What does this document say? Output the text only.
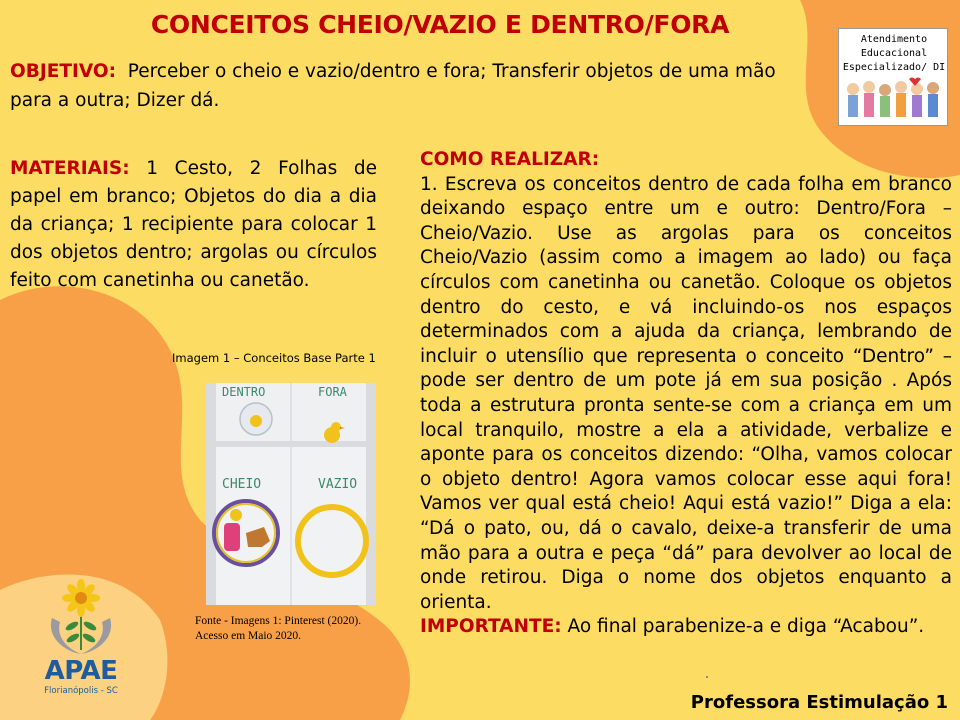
CONCEITOS CHEIO/VAZIO E DENTRO/FORA
OBJETIVO: Perceber o cheio e vazio/dentro e fora; Transferir objetos de uma mão para a outra; Dizer dá.
MATERIAIS: 1 Cesto, 2 Folhas de papel em branco; Objetos do dia a dia da criança; 1 recipiente para colocar 1 dos objetos dentro; argolas ou círculos feito com canetinha ou canetão.
COMO REALIZAR:
1. Escreva os conceitos dentro de cada folha em branco deixando espaço entre um e outro: Dentro/Fora – Cheio/Vazio. Use as argolas para os conceitos Cheio/Vazio (assim como a imagem ao lado) ou faça círculos com canetinha ou canetão. Coloque os objetos dentro do cesto, e vá incluindo-os nos espaços determinados com a ajuda da criança, lembrando de incluir o utensílio que representa o conceito “Dentro” – pode ser dentro de um pote já em sua posição . Após toda a estrutura pronta sente-se com a criança em um local tranquilo, mostre a ela a atividade, verbalize e aponte para os conceitos dizendo: “Olha, vamos colocar o objeto dentro! Agora vamos colocar esse aqui fora! Vamos ver qual está cheio! Aqui está vazio!” Diga a ela: “Dá o pato, ou, dá o cavalo, deixe-a transferir de uma mão para a outra e peça “dá” para devolver ao local de onde retirou. Diga o nome dos objetos enquanto a orienta.
IMPORTANTE: Ao final parabenize-a e diga “Acabou”.
Imagem 1 – Conceitos Base Parte 1
DENTRO	FORA
CHEIO	VAZIO
Fonte - Imagens 1: Pinterest (2020). Acesso em Maio 2020.
Atendimento
Educacional
Especializado/ DI
APAE
Florianópolis - SC
Professora Estimulação 1
